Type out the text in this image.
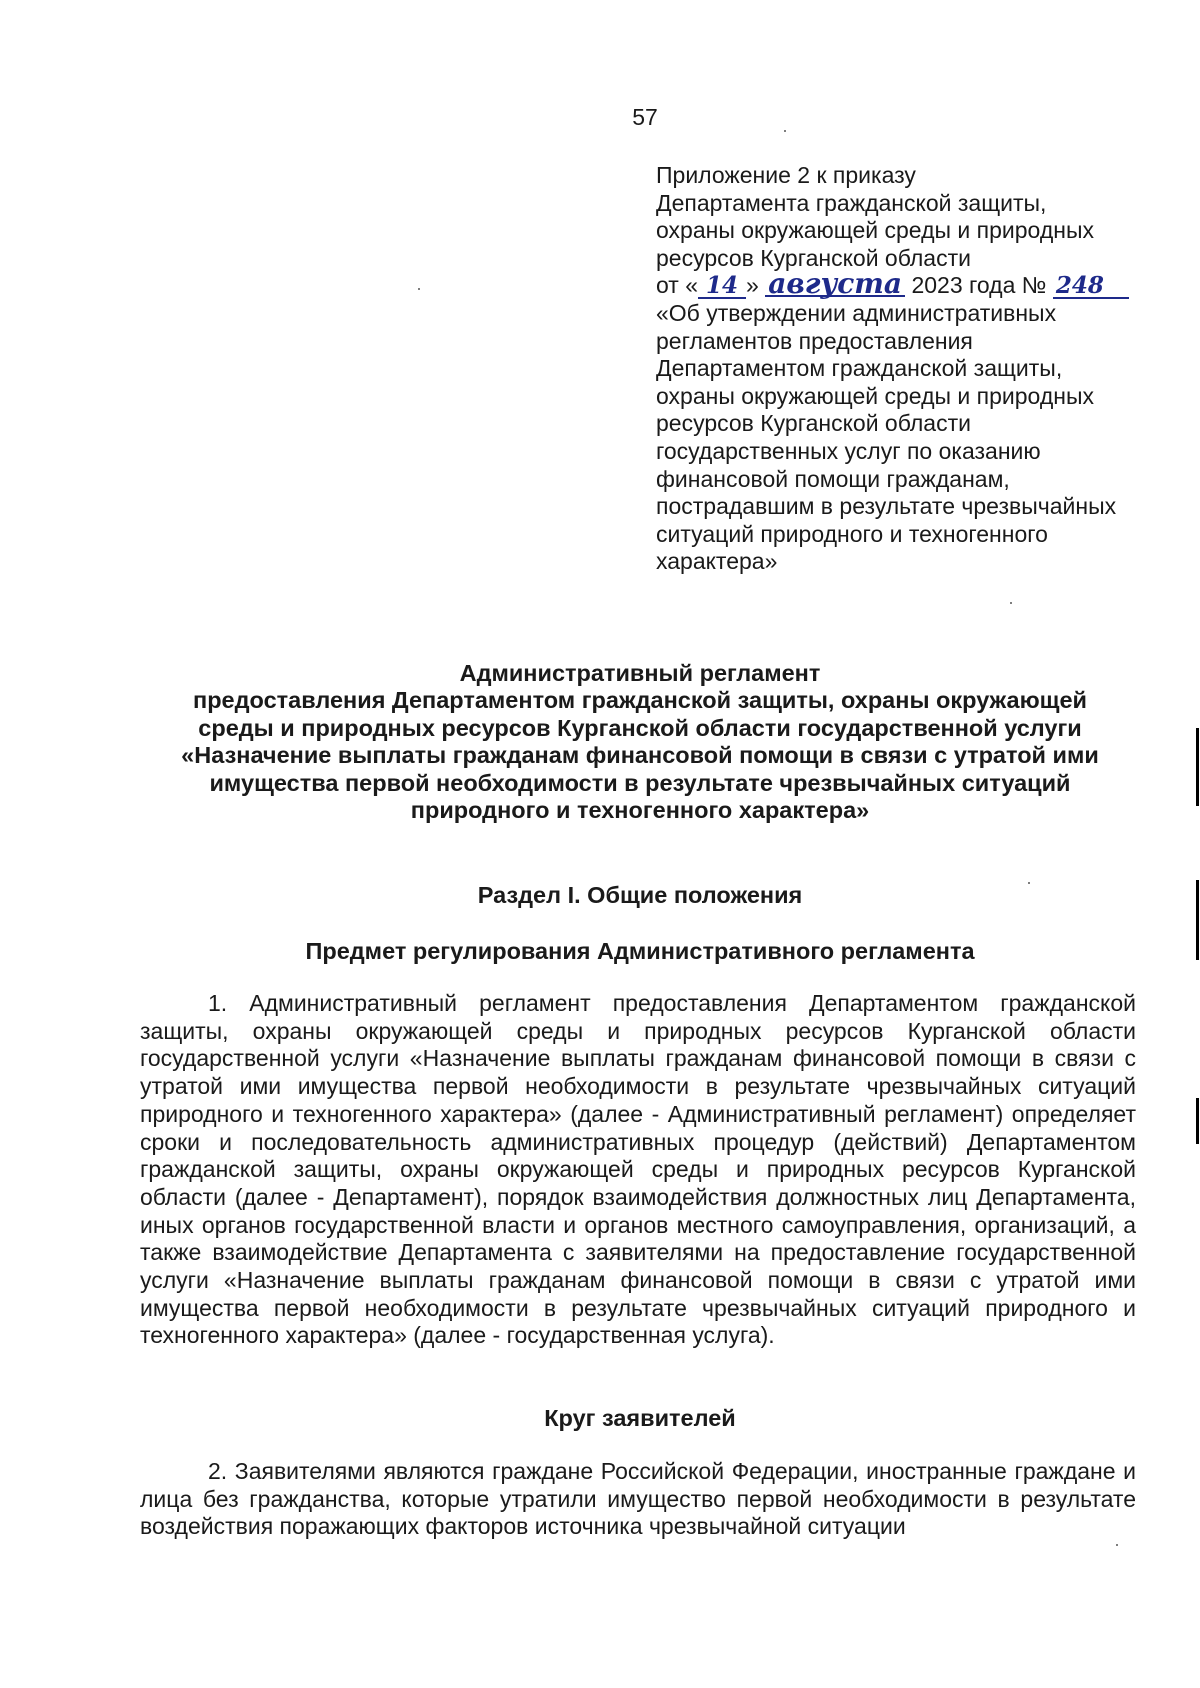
57
Приложение 2 к приказу
Департамента гражданской защиты,
охраны окружающей среды и природных
ресурсов Курганской области
от « 14 » августа 2023 года № 248
«Об утверждении административных
регламентов предоставления
Департаментом гражданской защиты,
охраны окружающей среды и природных
ресурсов Курганской области
государственных услуг по оказанию
финансовой помощи гражданам,
пострадавшим в результате чрезвычайных
ситуаций природного и техногенного
характера»
Административный регламент
предоставления Департаментом гражданской защиты, охраны окружающей
среды и природных ресурсов Курганской области государственной услуги
«Назначение выплаты гражданам финансовой помощи в связи с утратой ими
имущества первой необходимости в результате чрезвычайных ситуаций
природного и техногенного характера»
Раздел I. Общие положения
Предмет регулирования Административного регламента
1. Административный регламент предоставления Департаментом гражданской защиты, охраны окружающей среды и природных ресурсов Курганской области государственной услуги «Назначение выплаты гражданам финансовой помощи в связи с утратой ими имущества первой необходимости в результате чрезвычайных ситуаций природного и техногенного характера» (далее - Административный регламент) определяет сроки и последовательность административных процедур (действий) Департаментом гражданской защиты, охраны окружающей среды и природных ресурсов Курганской области (далее - Департамент), порядок взаимодействия должностных лиц Департамента, иных органов государственной власти и органов местного самоуправления, организаций, а также взаимодействие Департамента с заявителями на предоставление государственной услуги «Назначение выплаты гражданам финансовой помощи в связи с утратой ими имущества первой необходимости в результате чрезвычайных ситуаций природного и техногенного характера» (далее - государственная услуга).
Круг заявителей
2. Заявителями являются граждане Российской Федерации, иностранные граждане и лица без гражданства, которые утратили имущество первой необходимости в результате воздействия поражающих факторов источника чрезвычайной ситуации
